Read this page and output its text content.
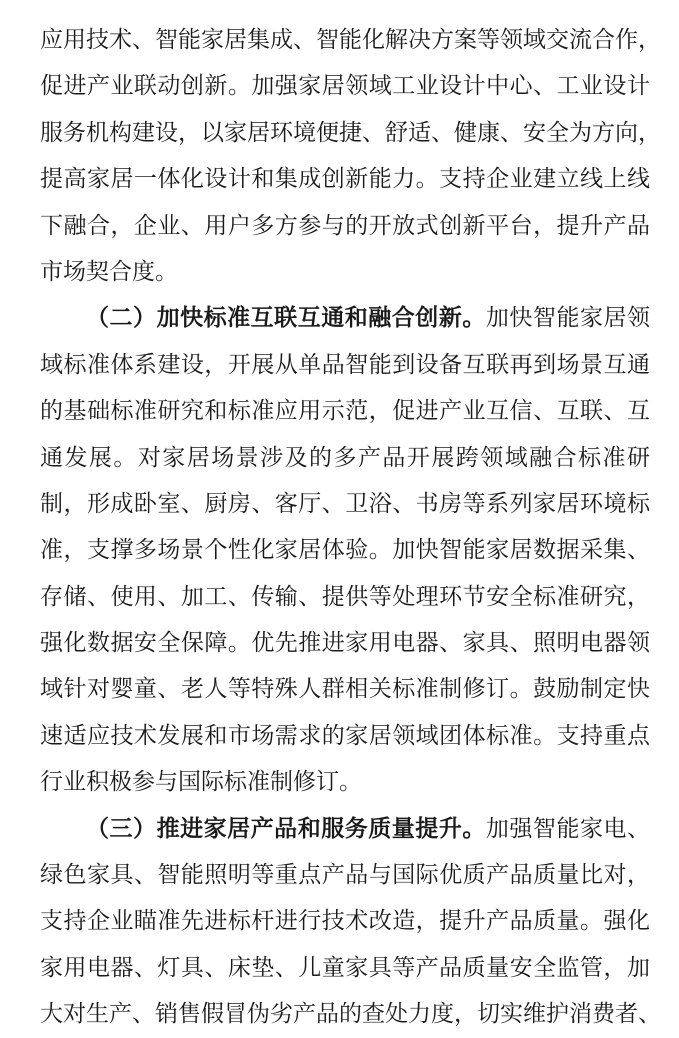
应用技术、智能家居集成、智能化解决方案等领域交流合作，
促进产业联动创新。加强家居领域工业设计中心、工业设计
服务机构建设，以家居环境便捷、舒适、健康、安全为方向，
提高家居一体化设计和集成创新能力。支持企业建立线上线
下融合，企业、用户多方参与的开放式创新平台，提升产品
市场契合度。
（二）加快标准互联互通和融合创新。加快智能家居领
域标准体系建设，开展从单品智能到设备互联再到场景互通
的基础标准研究和标准应用示范，促进产业互信、互联、互
通发展。对家居场景涉及的多产品开展跨领域融合标准研
制，形成卧室、厨房、客厅、卫浴、书房等系列家居环境标
准，支撑多场景个性化家居体验。加快智能家居数据采集、
存储、使用、加工、传输、提供等处理环节安全标准研究，
强化数据安全保障。优先推进家用电器、家具、照明电器领
域针对婴童、老人等特殊人群相关标准制修订。鼓励制定快
速适应技术发展和市场需求的家居领域团体标准。支持重点
行业积极参与国际标准制修订。
（三）推进家居产品和服务质量提升。加强智能家电、
绿色家具、智能照明等重点产品与国际优质产品质量比对，
支持企业瞄准先进标杆进行技术改造，提升产品质量。强化
家用电器、灯具、床垫、儿童家具等产品质量安全监管，加
大对生产、销售假冒伪劣产品的查处力度，切实维护消费者、
